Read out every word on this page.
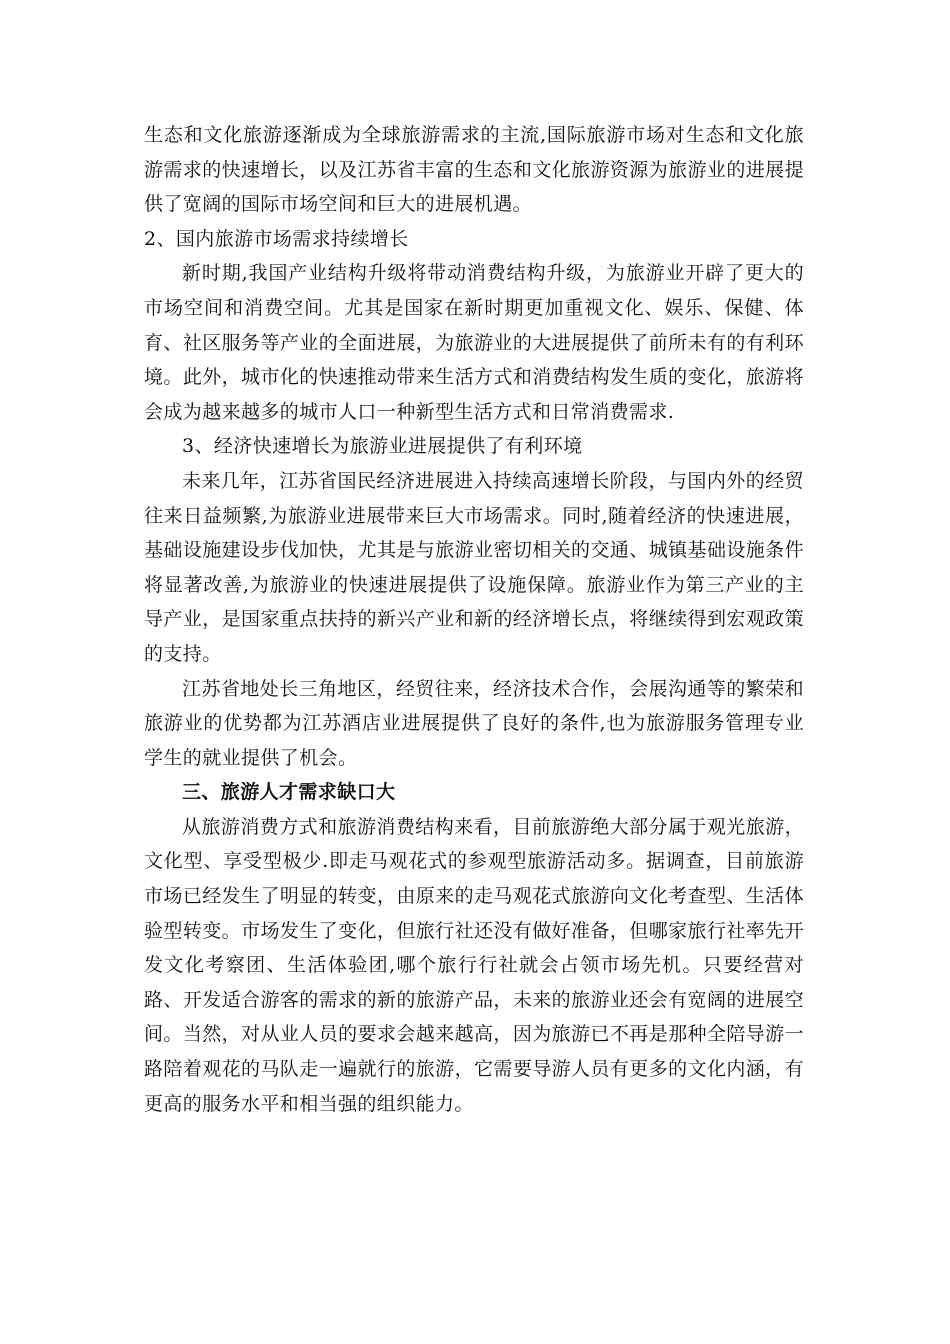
生态和文化旅游逐渐成为全球旅游需求的主流,国际旅游市场对生态和文化旅游需求的快速增长，以及江苏省丰富的生态和文化旅游资源为旅游业的进展提供了宽阔的国际市场空间和巨大的进展机遇。

2、国内旅游市场需求持续增长

新时期,我国产业结构升级将带动消费结构升级，为旅游业开辟了更大的市场空间和消费空间。尤其是国家在新时期更加重视文化、娱乐、保健、体育、社区服务等产业的全面进展，为旅游业的大进展提供了前所未有的有利环境。此外，城市化的快速推动带来生活方式和消费结构发生质的变化，旅游将会成为越来越多的城市人口一种新型生活方式和日常消费需求.

3、经济快速增长为旅游业进展提供了有利环境

未来几年，江苏省国民经济进展进入持续高速增长阶段，与国内外的经贸往来日益频繁,为旅游业进展带来巨大市场需求。同时,随着经济的快速进展，基础设施建设步伐加快，尤其是与旅游业密切相关的交通、城镇基础设施条件将显著改善,为旅游业的快速进展提供了设施保障。旅游业作为第三产业的主导产业，是国家重点扶持的新兴产业和新的经济增长点，将继续得到宏观政策的支持。

江苏省地处长三角地区，经贸往来，经济技术合作，会展沟通等的繁荣和旅游业的优势都为江苏酒店业进展提供了良好的条件,也为旅游服务管理专业学生的就业提供了机会。

三、旅游人才需求缺口大

从旅游消费方式和旅游消费结构来看，目前旅游绝大部分属于观光旅游，文化型、享受型极少.即走马观花式的参观型旅游活动多。据调查，目前旅游市场已经发生了明显的转变，由原来的走马观花式旅游向文化考查型、生活体验型转变。市场发生了变化，但旅行社还没有做好准备，但哪家旅行社率先开发文化考察团、生活体验团,哪个旅行行社就会占领市场先机。只要经营对路、开发适合游客的需求的新的旅游产品，未来的旅游业还会有宽阔的进展空间。当然，对从业人员的要求会越来越高，因为旅游已不再是那种全陪导游一路陪着观花的马队走一遍就行的旅游，它需要导游人员有更多的文化内涵，有更高的服务水平和相当强的组织能力。
